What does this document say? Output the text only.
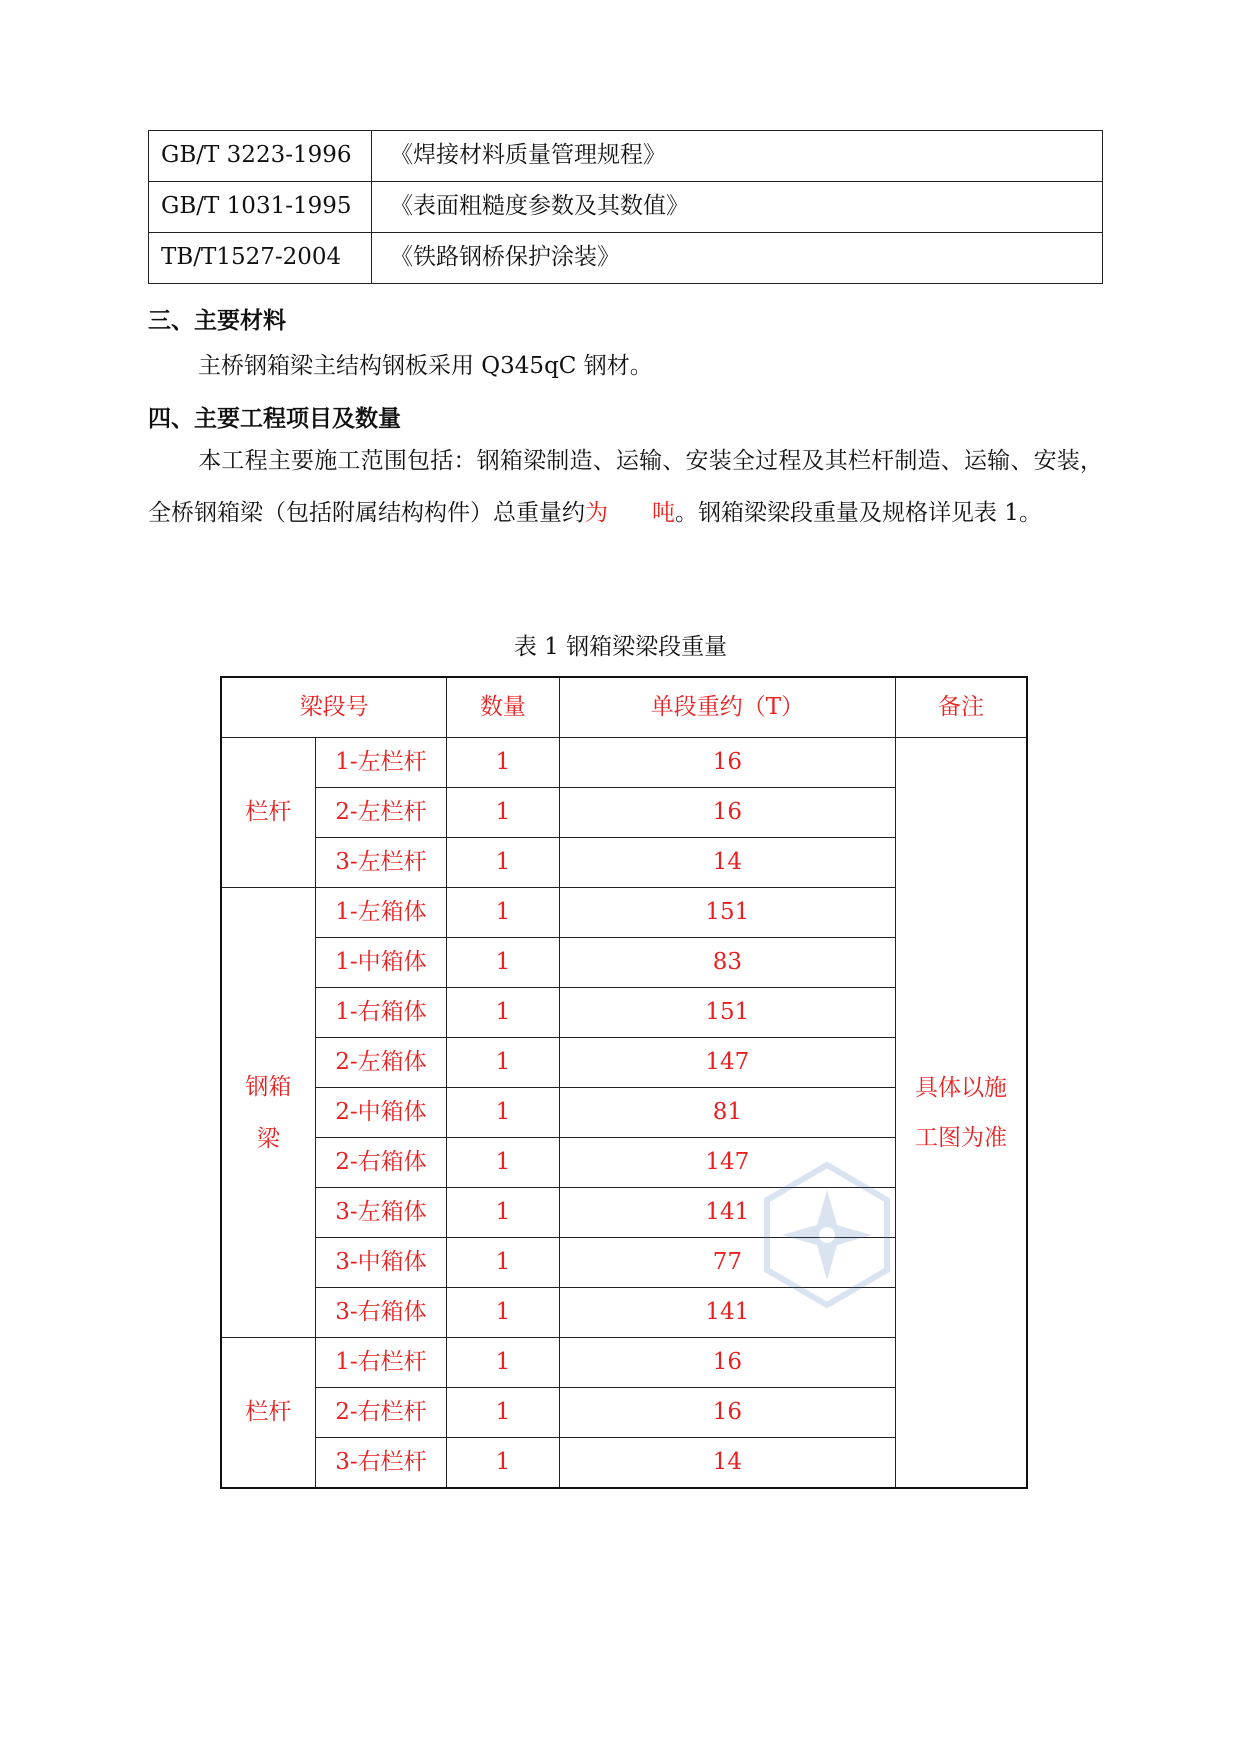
GB/T 3223-1996	《焊接材料质量管理规程》
GB/T 1031-1995	《表面粗糙度参数及其数值》
TB/T1527-2004	《铁路钢桥保护涂装》
三、主要材料
主桥钢箱梁主结构钢板采用 Q345qC 钢材。
四、主要工程项目及数量
本工程主要施工范围包括：钢箱梁制造、运输、安装全过程及其栏杆制造、运输、安装，全桥钢箱梁（包括附属结构构件）总重量约为 吨。钢箱梁梁段重量及规格详见表 1。
表 1 钢箱梁梁段重量
梁段号		数量	单段重约（T）	备注
栏杆	1-左栏杆	1	16	具体以施
工图为准
	2-左栏杆	1	16	
	3-左栏杆	1	14	
钢箱
梁	1-左箱体	1	151	
	1-中箱体	1	83	
	1-右箱体	1	151	
	2-左箱体	1	147	
	2-中箱体	1	81	
	2-右箱体	1	147	
	3-左箱体	1	141	
	3-中箱体	1	77	
	3-右箱体	1	141	
栏杆	1-右栏杆	1	16	
	2-右栏杆	1	16	
	3-右栏杆	1	14	
